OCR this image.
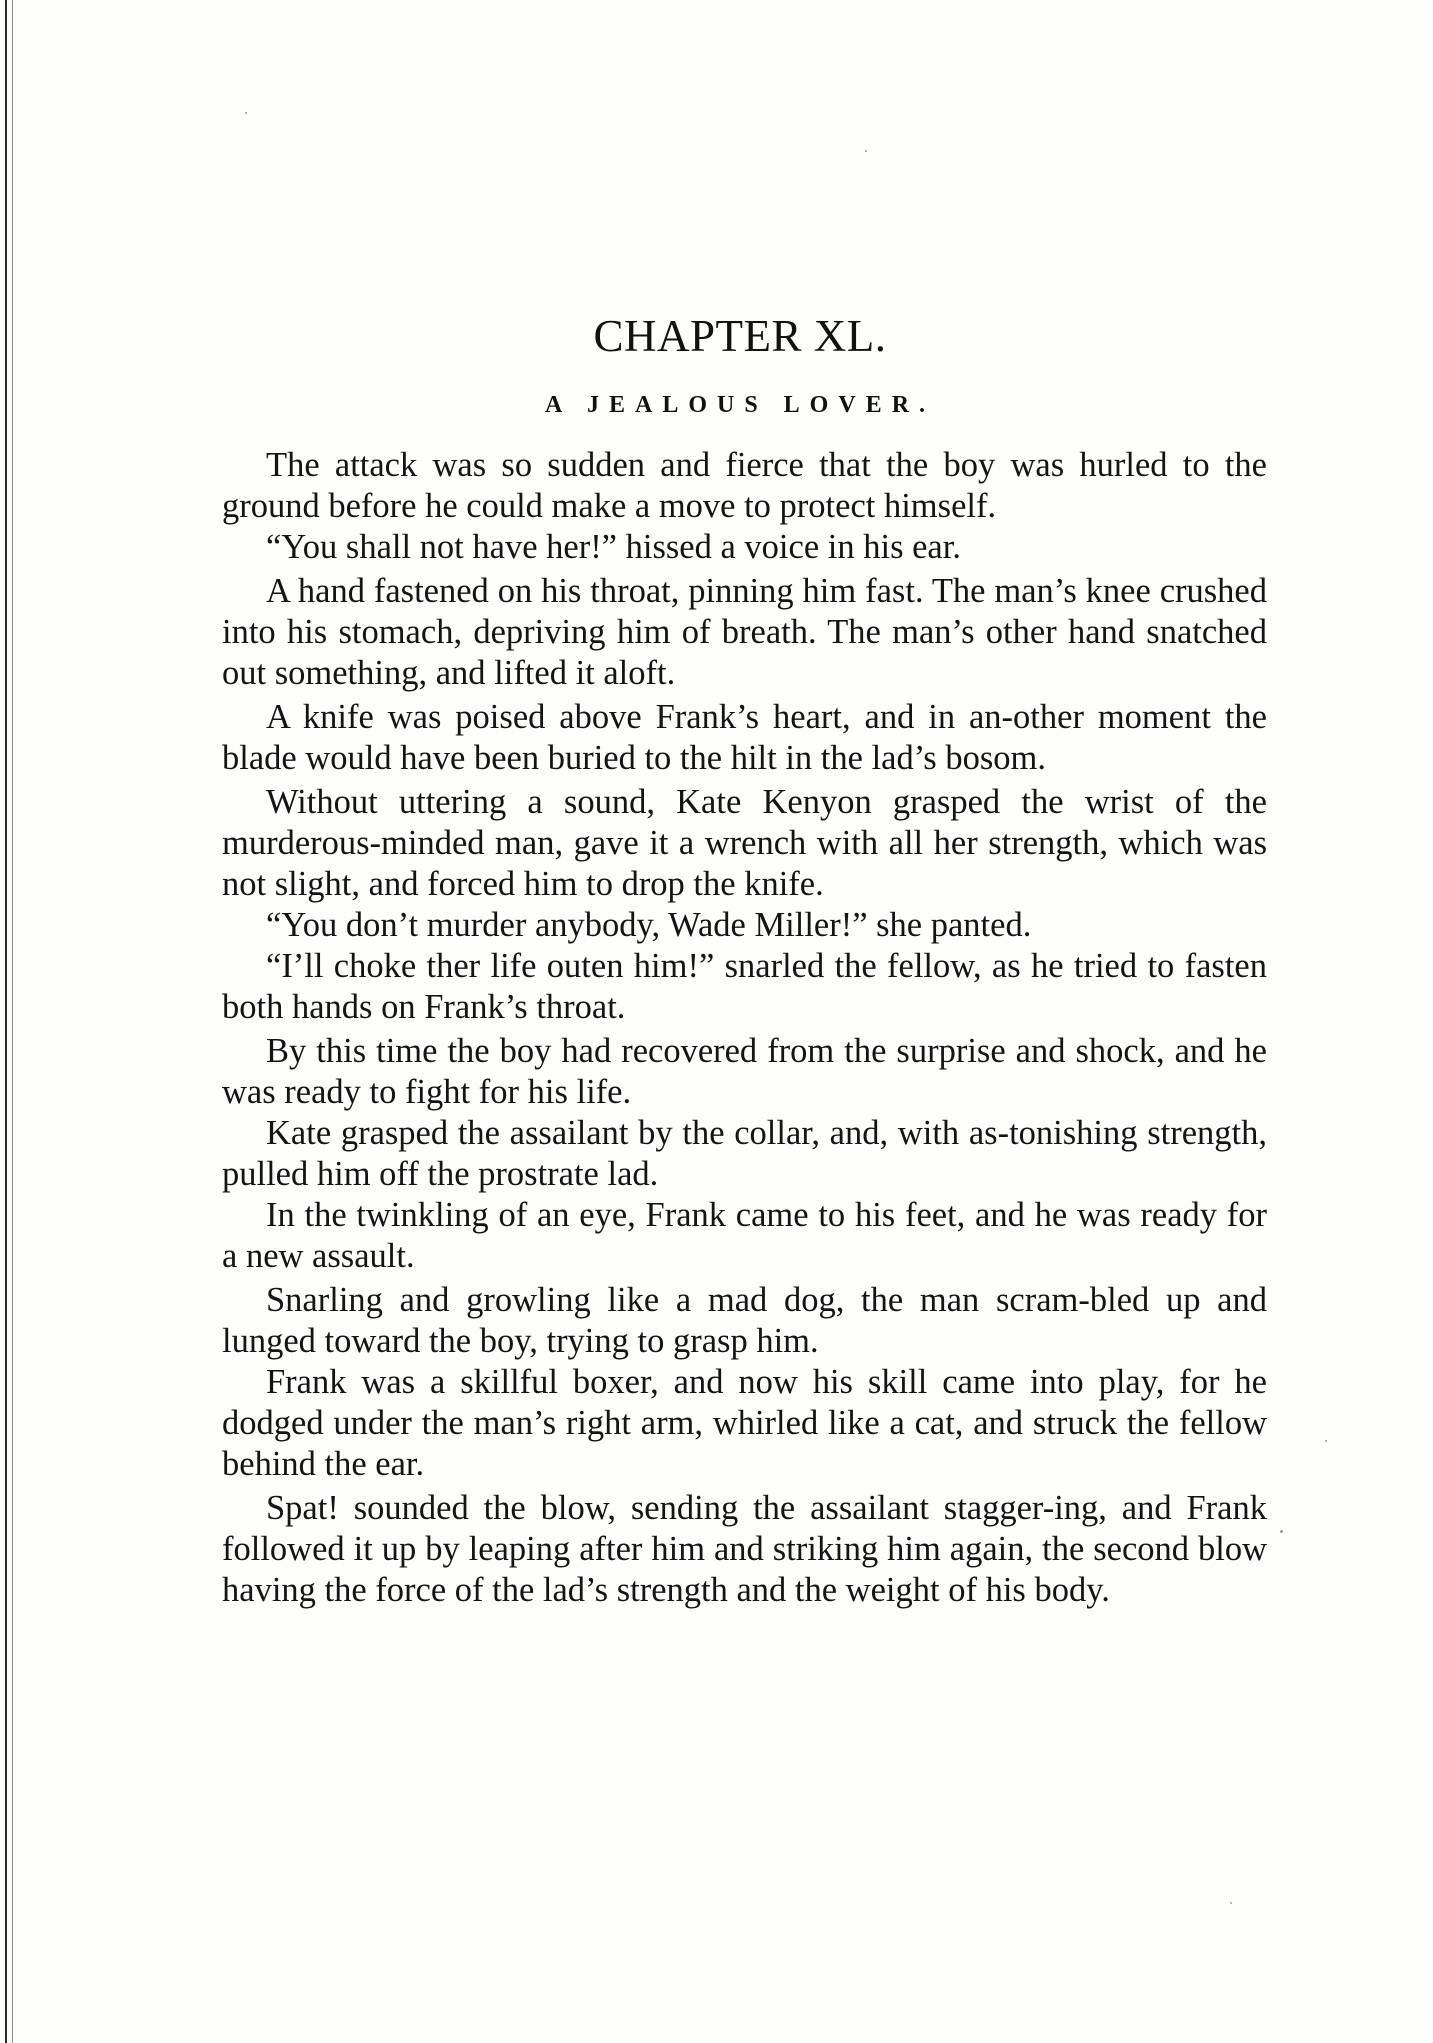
CHAPTER XL.
A JEALOUS LOVER.

The attack was so sudden and fierce that the boy was hurled to the ground before he could make a move to protect himself.

“You shall not have her!” hissed a voice in his ear.

A hand fastened on his throat, pinning him fast. The man’s knee crushed into his stomach, depriving him of breath. The man’s other hand snatched out something, and lifted it aloft.

A knife was poised above Frank’s heart, and in an-other moment the blade would have been buried to the hilt in the lad’s bosom.

Without uttering a sound, Kate Kenyon grasped the wrist of the murderous-minded man, gave it a wrench with all her strength, which was not slight, and forced him to drop the knife.

“You don’t murder anybody, Wade Miller!” she panted.

“I’ll choke ther life outen him!” snarled the fellow, as he tried to fasten both hands on Frank’s throat.

By this time the boy had recovered from the surprise and shock, and he was ready to fight for his life.

Kate grasped the assailant by the collar, and, with as-tonishing strength, pulled him off the prostrate lad.

In the twinkling of an eye, Frank came to his feet, and he was ready for a new assault.

Snarling and growling like a mad dog, the man scram-bled up and lunged toward the boy, trying to grasp him.

Frank was a skillful boxer, and now his skill came into play, for he dodged under the man’s right arm, whirled like a cat, and struck the fellow behind the ear.

Spat! sounded the blow, sending the assailant stagger-ing, and Frank followed it up by leaping after him and striking him again, the second blow having the force of the lad’s strength and the weight of his body.
